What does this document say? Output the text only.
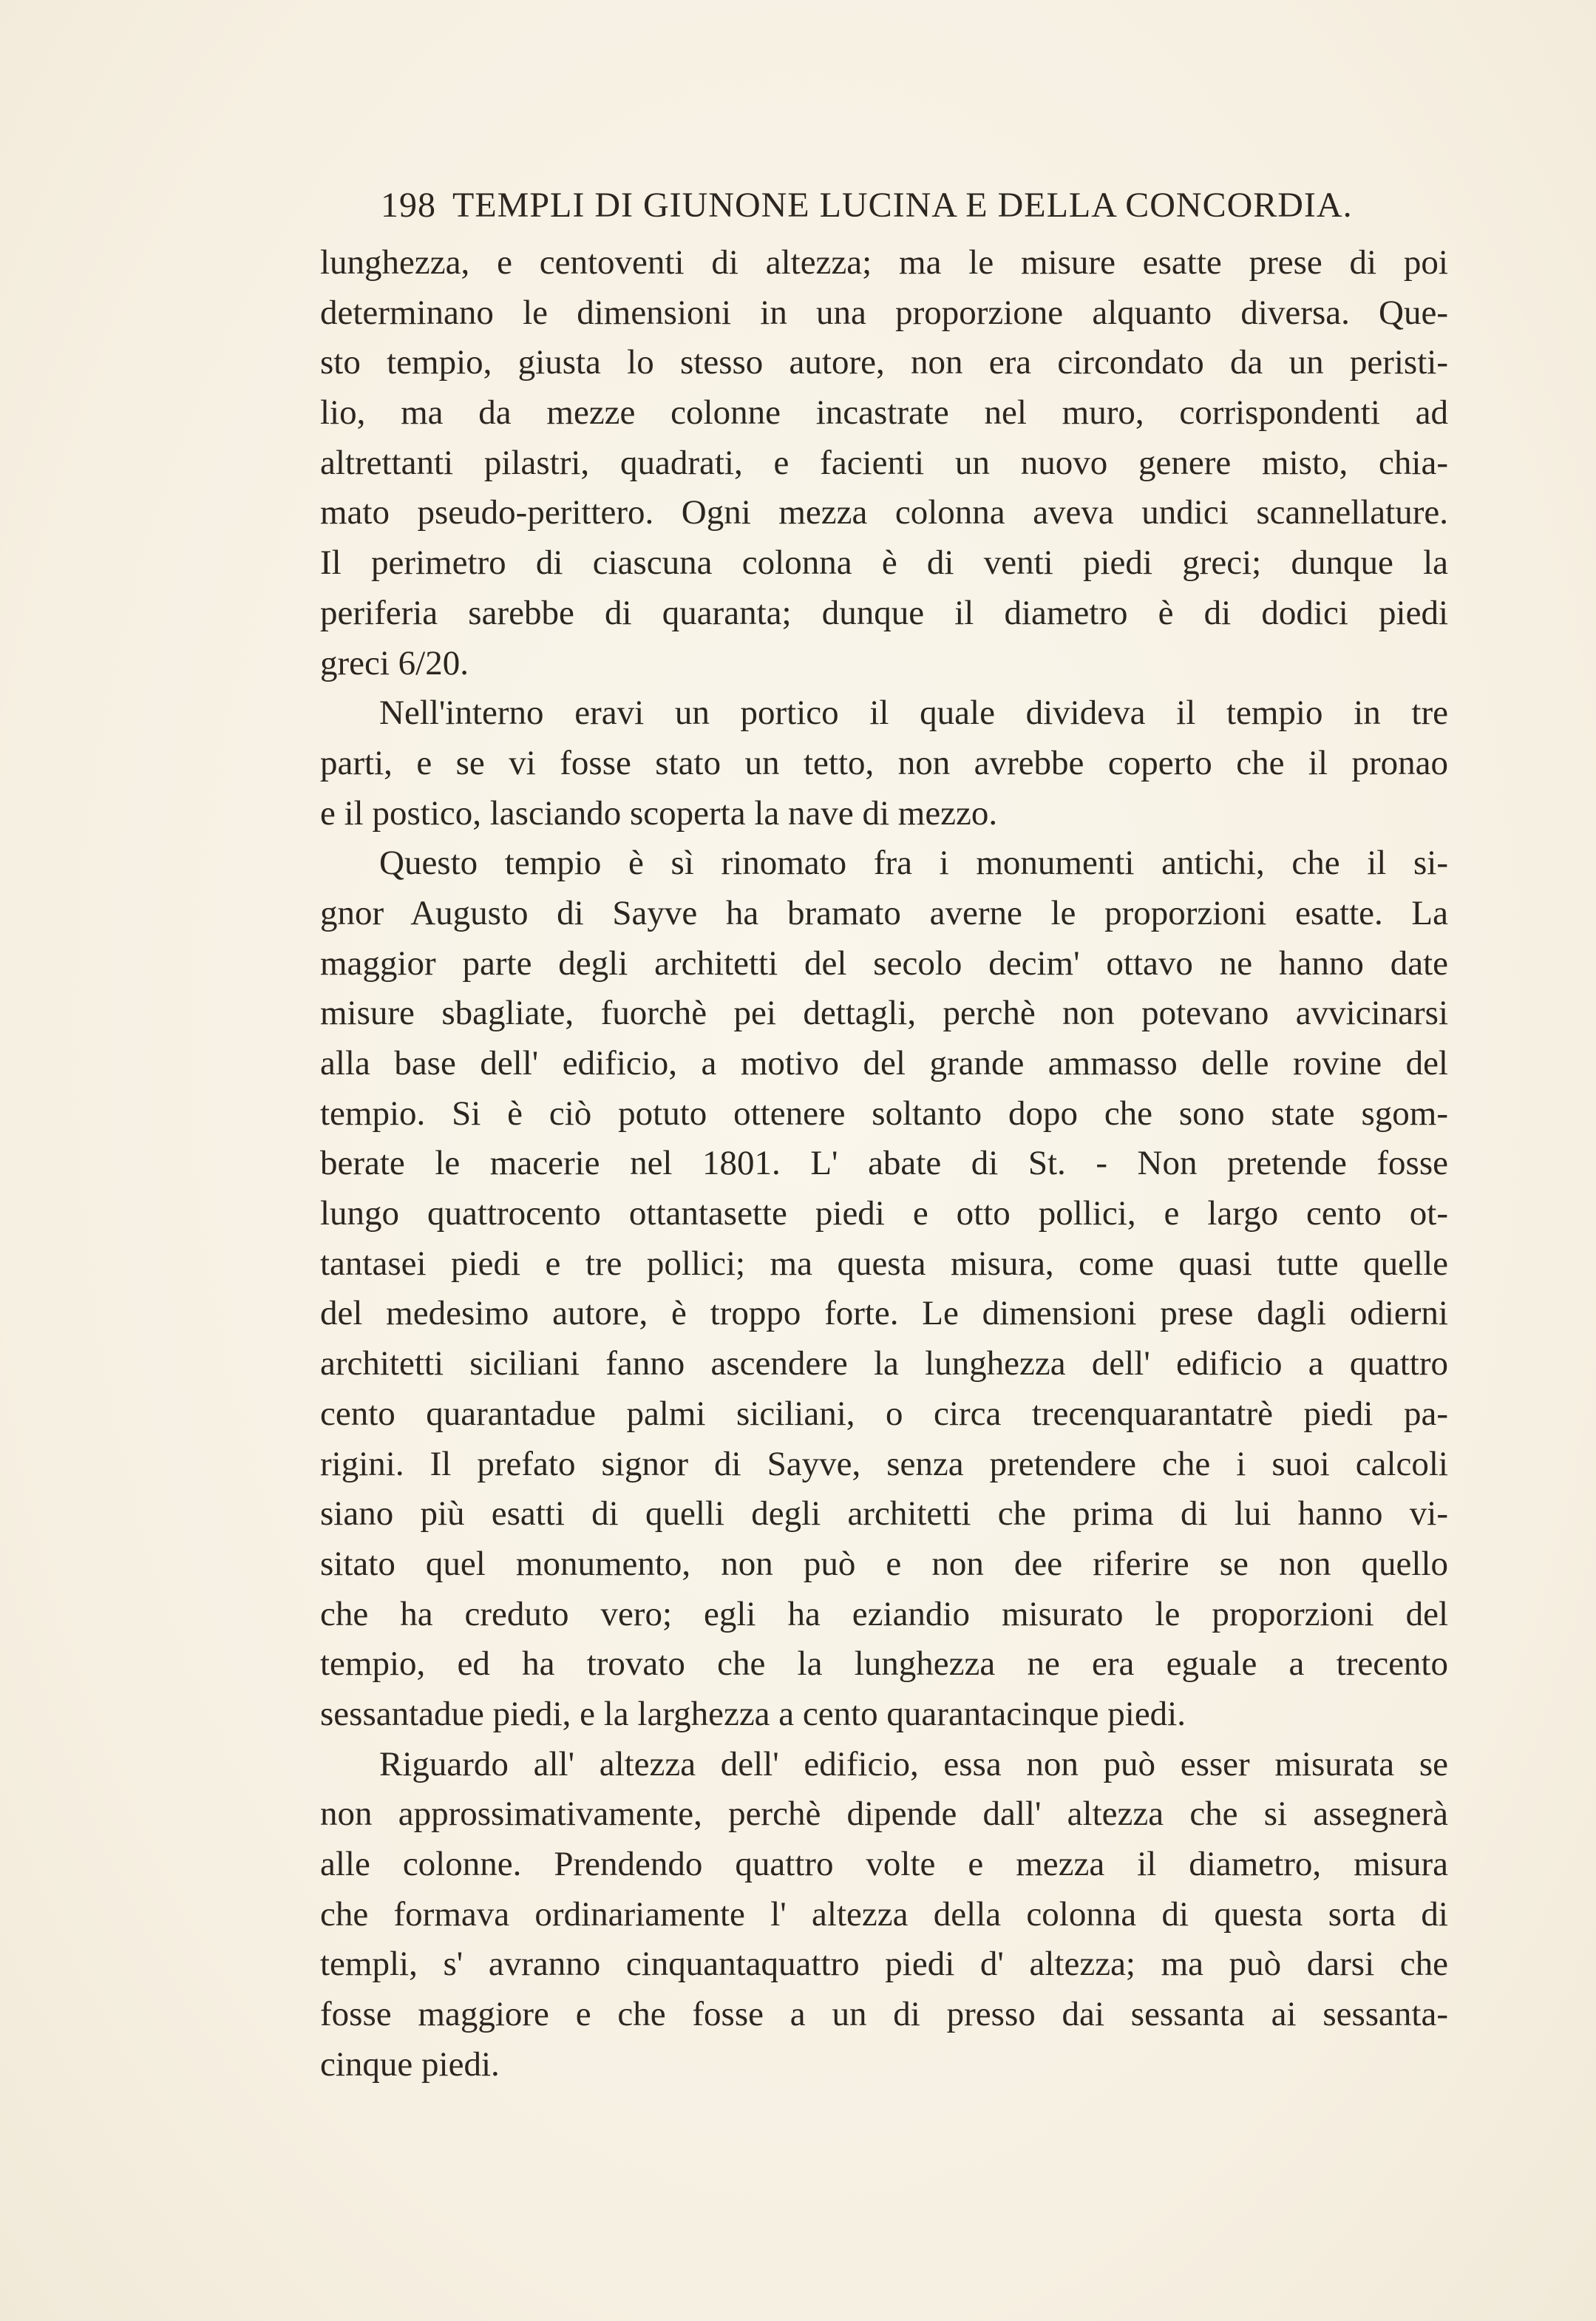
198 TEMPLI DI GIUNONE LUCINA E DELLA CONCORDIA.
lunghezza, e centoventi di altezza; ma le misure esatte prese di poi
determinano le dimensioni in una proporzione alquanto diversa. Que-
sto tempio, giusta lo stesso autore, non era circondato da un peristi-
lio, ma da mezze colonne incastrate nel muro, corrispondenti ad
altrettanti pilastri, quadrati, e facienti un nuovo genere misto, chia-
mato pseudo-perittero. Ogni mezza colonna aveva undici scannellature.
Il perimetro di ciascuna colonna è di venti piedi greci; dunque la
periferia sarebbe di quaranta; dunque il diametro è di dodici piedi
greci 6/20.
Nell'interno eravi un portico il quale divideva il tempio in tre
parti, e se vi fosse stato un tetto, non avrebbe coperto che il pronao
e il postico, lasciando scoperta la nave di mezzo.
Questo tempio è sì rinomato fra i monumenti antichi, che il si-
gnor Augusto di Sayve ha bramato averne le proporzioni esatte. La
maggior parte degli architetti del secolo decim' ottavo ne hanno date
misure sbagliate, fuorchè pei dettagli, perchè non potevano avvicinarsi
alla base dell' edificio, a motivo del grande ammasso delle rovine del
tempio. Si è ciò potuto ottenere soltanto dopo che sono state sgom-
berate le macerie nel 1801. L' abate di St. - Non pretende fosse
lungo quattrocento ottantasette piedi e otto pollici, e largo cento ot-
tantasei piedi e tre pollici; ma questa misura, come quasi tutte quelle
del medesimo autore, è troppo forte. Le dimensioni prese dagli odierni
architetti siciliani fanno ascendere la lunghezza dell' edificio a quattro
cento quarantadue palmi siciliani, o circa trecenquarantatrè piedi pa-
rigini. Il prefato signor di Sayve, senza pretendere che i suoi calcoli
siano più esatti di quelli degli architetti che prima di lui hanno vi-
sitato quel monumento, non può e non dee riferire se non quello
che ha creduto vero; egli ha eziandio misurato le proporzioni del
tempio, ed ha trovato che la lunghezza ne era eguale a trecento
sessantadue piedi, e la larghezza a cento quarantacinque piedi.
Riguardo all' altezza dell' edificio, essa non può esser misurata se
non approssimativamente, perchè dipende dall' altezza che si assegnerà
alle colonne. Prendendo quattro volte e mezza il diametro, misura
che formava ordinariamente l' altezza della colonna di questa sorta di
templi, s' avranno cinquantaquattro piedi d' altezza; ma può darsi che
fosse maggiore e che fosse a un di presso dai sessanta ai sessanta-
cinque piedi.
